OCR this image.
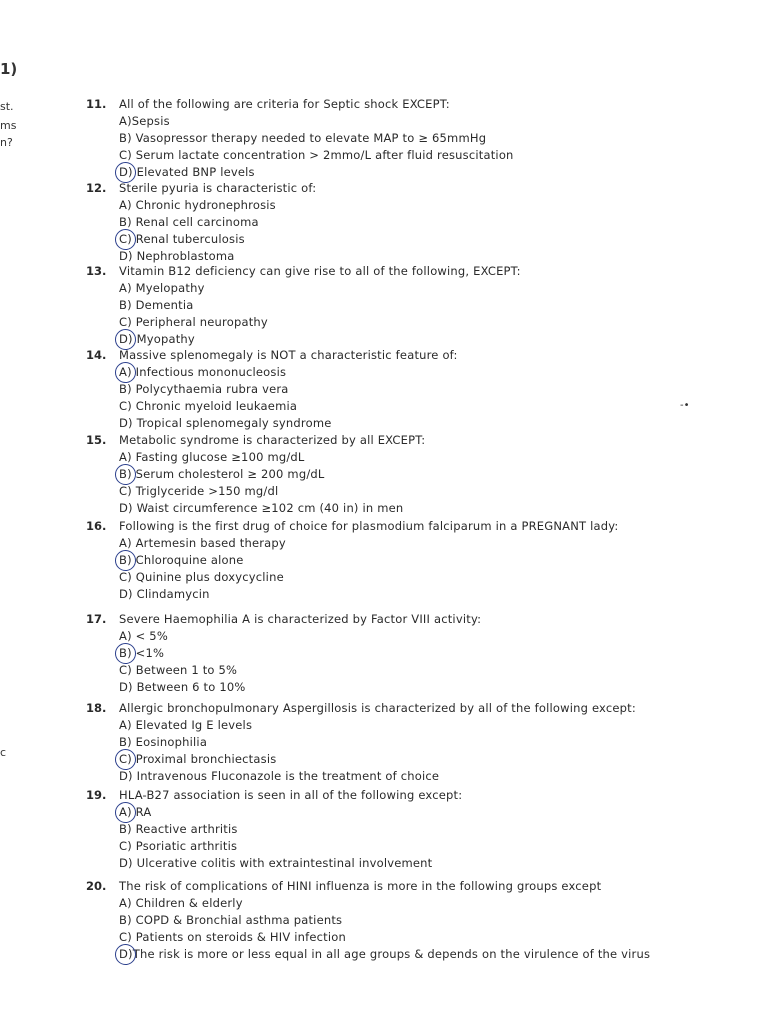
1)
st.
ms
n?
c
11. All of the following are criteria for Septic shock EXCEPT:
A)Sepsis
B) Vasopressor therapy needed to elevate MAP to ≥ 65mmHg
C) Serum lactate concentration > 2mmo/L after fluid resuscitation
D) Elevated BNP levels
12. Sterile pyuria is characteristic of:
A) Chronic hydronephrosis
B) Renal cell carcinoma
C) Renal tuberculosis
D) Nephroblastoma
13. Vitamin B12 deficiency can give rise to all of the following, EXCEPT:
A) Myelopathy
B) Dementia
C) Peripheral neuropathy
D) Myopathy
14. Massive splenomegaly is NOT a characteristic feature of:
A) Infectious mononucleosis
B) Polycythaemia rubra vera
C) Chronic myeloid leukaemia
D) Tropical splenomegaly syndrome
15. Metabolic syndrome is characterized by all EXCEPT:
A) Fasting glucose ≥100 mg/dL
B) Serum cholesterol ≥ 200 mg/dL
C) Triglyceride >150 mg/dl
D) Waist circumference ≥102 cm (40 in) in men
16. Following is the first drug of choice for plasmodium falciparum in a PREGNANT lady:
A) Artemesin based therapy
B) Chloroquine alone
C) Quinine plus doxycycline
D) Clindamycin
17. Severe Haemophilia A is characterized by Factor VIII activity:
A) < 5%
B) <1%
C) Between 1 to 5%
D) Between 6 to 10%
18. Allergic bronchopulmonary Aspergillosis is characterized by all of the following except:
A) Elevated Ig E levels
B) Eosinophilia
C) Proximal bronchiectasis
D) Intravenous Fluconazole is the treatment of choice
19. HLA-B27 association is seen in all of the following except:
A) RA
B) Reactive arthritis
C) Psoriatic arthritis
D) Ulcerative colitis with extraintestinal involvement
20. The risk of complications of HINI influenza is more in the following groups except
A) Children & elderly
B) COPD & Bronchial asthma patients
C) Patients on steroids & HIV infection
D)The risk is more or less equal in all age groups & depends on the virulence of the virus
-•
